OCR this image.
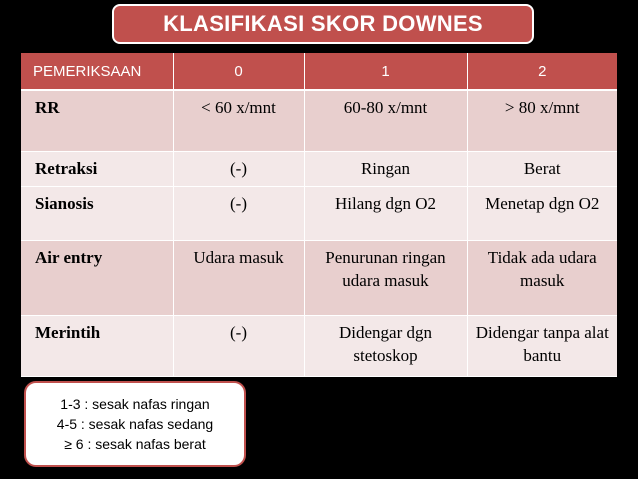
KLASIFIKASI SKOR DOWNES
PEMERIKSAAN	0	1	2
RR	< 60 x/mnt	60-80 x/mnt	> 80 x/mnt
Retraksi	(-)	Ringan	Berat
Sianosis	(-)	Hilang dgn O2	Menetap dgn O2
Air entry	Udara masuk	Penurunan ringan udara masuk	Tidak ada udara masuk
Merintih	(-)	Didengar dgn stetoskop	Didengar tanpa alat bantu
1-3 : sesak nafas ringan
4-5 : sesak nafas sedang
≥ 6 : sesak nafas berat
